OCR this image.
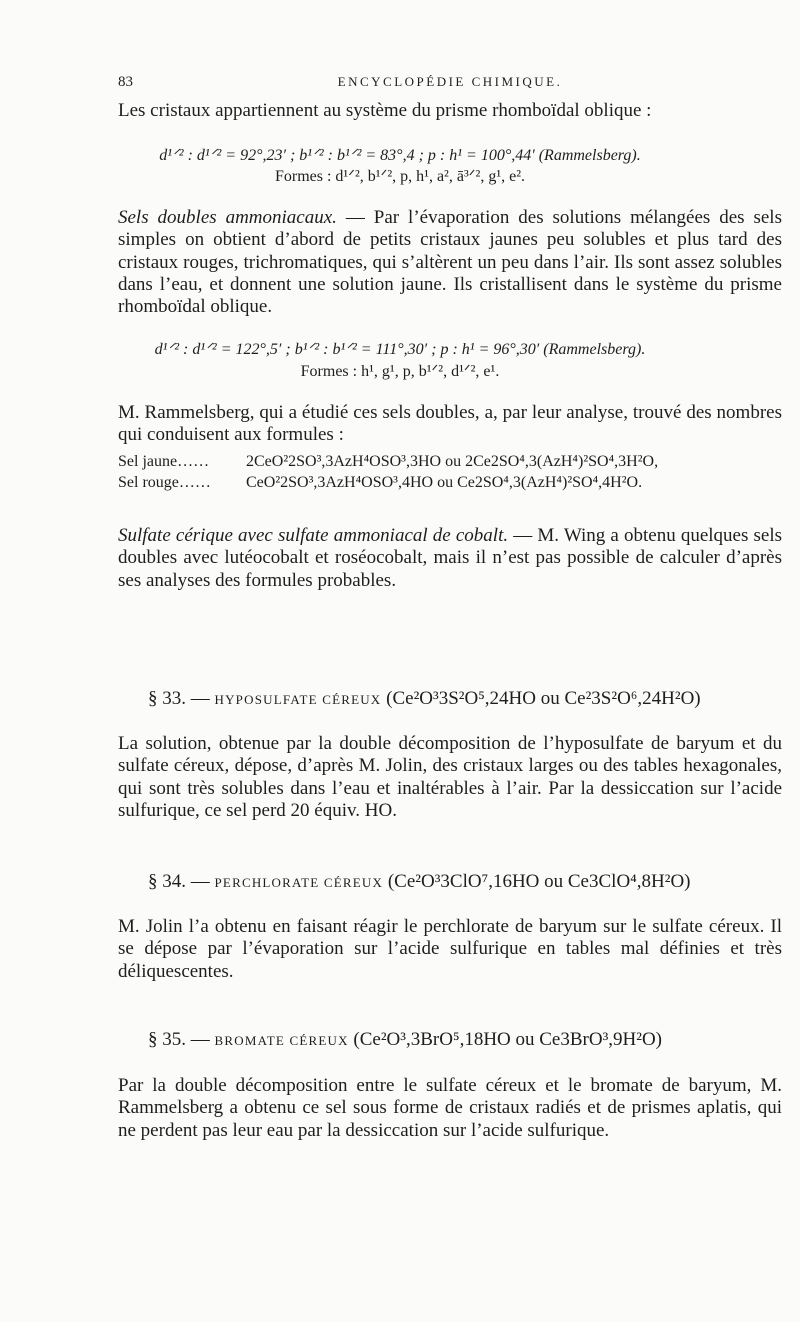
83	ENCYCLOPÉDIE CHIMIQUE.

Les cristaux appartiennent au système du prisme rhomboïdal oblique :

d¹ᐟ² : d¹ᐟ² = 92°,23′ ; b¹ᐟ² : b¹ᐟ² = 83°,4 ; p : h¹ = 100°,44′ (Rammelsberg).

Formes : d¹ᐟ², b¹ᐟ², p, h¹, a², ā³ᐟ², g¹, e².

Sels doubles ammoniacaux. — Par l’évaporation des solutions mélangées des sels simples on obtient d’abord de petits cristaux jaunes peu solubles et plus tard des cristaux rouges, trichromatiques, qui s’altèrent un peu dans l’air. Ils sont assez solubles dans l’eau, et donnent une solution jaune. Ils cristallisent dans le système du prisme rhomboïdal oblique.

d¹ᐟ² : d¹ᐟ² = 122°,5′ ; b¹ᐟ² : b¹ᐟ² = 111°,30′ ; p : h¹ = 96°,30′ (Rammelsberg).

Formes : h¹, g¹, p, b¹ᐟ², d¹ᐟ², e¹.

M. Rammelsberg, qui a étudié ces sels doubles, a, par leur analyse, trouvé des nombres qui conduisent aux formules :

Sel jaune…… 2CeO²2SO³,3AzH⁴OSO³,3HO ou 2Ce2SO⁴,3(AzH⁴)²SO⁴,3H²O,

Sel rouge…… CeO²2SO³,3AzH⁴OSO³,4HO ou Ce2SO⁴,3(AzH⁴)²SO⁴,4H²O.

Sulfate cérique avec sulfate ammoniacal de cobalt. — M. Wing a obtenu quelques sels doubles avec lutéocobalt et roséocobalt, mais il n’est pas possible de calculer d’après ses analyses des formules probables.

§ 33. — HYPOSULFATE CÉREUX (Ce²O³3S²O⁵,24HO ou Ce²3S²O⁶,24H²O)

La solution, obtenue par la double décomposition de l’hyposulfate de baryum et du sulfate céreux, dépose, d’après M. Jolin, des cristaux larges ou des tables hexagonales, qui sont très solubles dans l’eau et inaltérables à l’air. Par la dessiccation sur l’acide sulfurique, ce sel perd 20 équiv. HO.

§ 34. — PERCHLORATE CÉREUX (Ce²O³3ClO⁷,16HO ou Ce3ClO⁴,8H²O)

M. Jolin l’a obtenu en faisant réagir le perchlorate de baryum sur le sulfate céreux. Il se dépose par l’évaporation sur l’acide sulfurique en tables mal définies et très déliquescentes.

§ 35. — BROMATE CÉREUX (Ce²O³,3BrO⁵,18HO ou Ce3BrO³,9H²O)

Par la double décomposition entre le sulfate céreux et le bromate de baryum, M. Rammelsberg a obtenu ce sel sous forme de cristaux radiés et de prismes aplatis, qui ne perdent pas leur eau par la dessiccation sur l’acide sulfurique.
